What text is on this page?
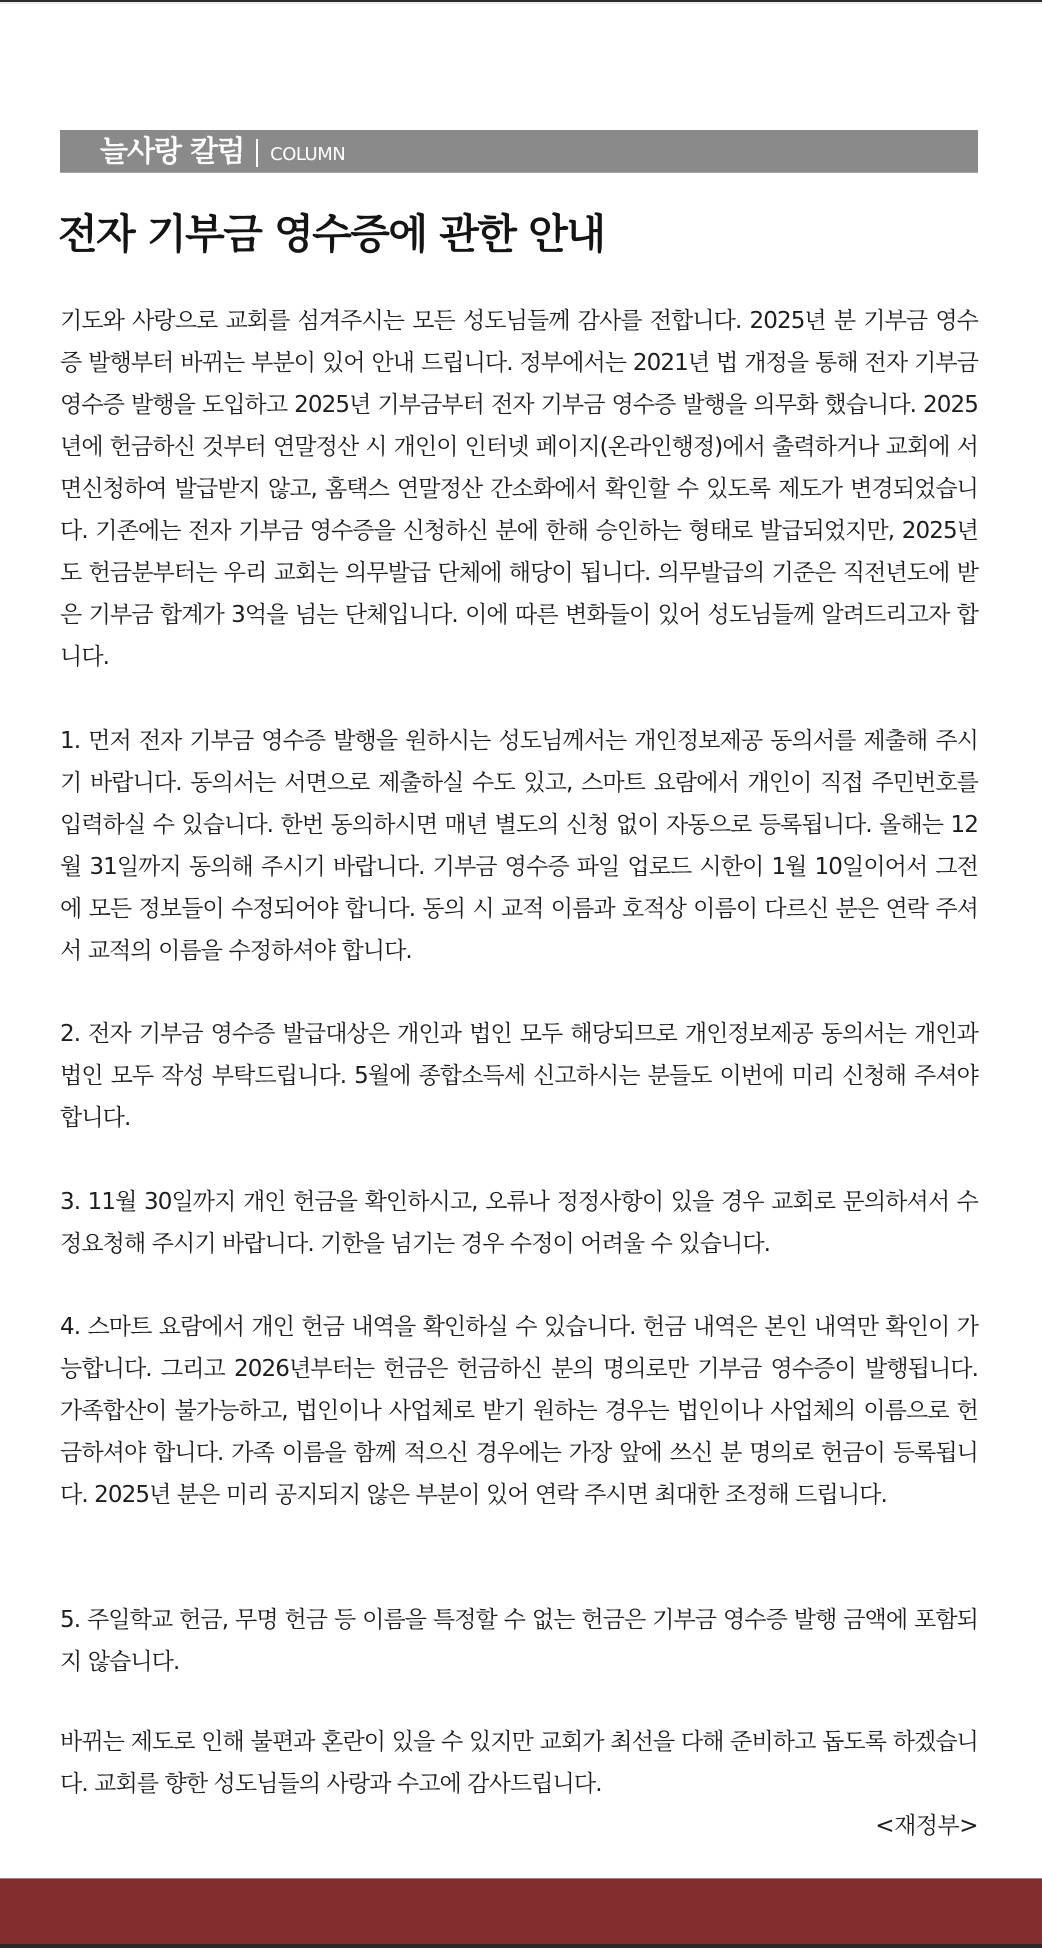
늘사랑 칼럼 COLUMN
전자 기부금 영수증에 관한 안내

기도와 사랑으로 교회를 섬겨주시는 모든 성도님들께 감사를 전합니다. 2025년 분 기부금 영수증 발행부터 바뀌는 부분이 있어 안내 드립니다. 정부에서는 2021년 법 개정을 통해 전자 기부금 영수증 발행을 도입하고 2025년 기부금부터 전자 기부금 영수증 발행을 의무화 했습니다. 2025년에 헌금하신 것부터 연말정산 시 개인이 인터넷 페이지(온라인행정)에서 출력하거나 교회에 서면신청하여 발급받지 않고, 홈택스 연말정산 간소화에서 확인할 수 있도록 제도가 변경되었습니다. 기존에는 전자 기부금 영수증을 신청하신 분에 한해 승인하는 형태로 발급되었지만, 2025년도 헌금분부터는 우리 교회는 의무발급 단체에 해당이 됩니다. 의무발급의 기준은 직전년도에 받은 기부금 합계가 3억을 넘는 단체입니다. 이에 따른 변화들이 있어 성도님들께 알려드리고자 합니다.

1. 먼저 전자 기부금 영수증 발행을 원하시는 성도님께서는 개인정보제공 동의서를 제출해 주시기 바랍니다. 동의서는 서면으로 제출하실 수도 있고, 스마트 요람에서 개인이 직접 주민번호를 입력하실 수 있습니다. 한번 동의하시면 매년 별도의 신청 없이 자동으로 등록됩니다. 올해는 12월 31일까지 동의해 주시기 바랍니다. 기부금 영수증 파일 업로드 시한이 1월 10일이어서 그전에 모든 정보들이 수정되어야 합니다. 동의 시 교적 이름과 호적상 이름이 다르신 분은 연락 주셔서 교적의 이름을 수정하셔야 합니다.

2. 전자 기부금 영수증 발급대상은 개인과 법인 모두 해당되므로 개인정보제공 동의서는 개인과 법인 모두 작성 부탁드립니다. 5월에 종합소득세 신고하시는 분들도 이번에 미리 신청해 주셔야 합니다.

3. 11월 30일까지 개인 헌금을 확인하시고, 오류나 정정사항이 있을 경우 교회로 문의하셔서 수정요청해 주시기 바랍니다. 기한을 넘기는 경우 수정이 어려울 수 있습니다.

4. 스마트 요람에서 개인 헌금 내역을 확인하실 수 있습니다. 헌금 내역은 본인 내역만 확인이 가능합니다. 그리고 2026년부터는 헌금은 헌금하신 분의 명의로만 기부금 영수증이 발행됩니다. 가족합산이 불가능하고, 법인이나 사업체로 받기 원하는 경우는 법인이나 사업체의 이름으로 헌금하셔야 합니다. 가족 이름을 함께 적으신 경우에는 가장 앞에 쓰신 분 명의로 헌금이 등록됩니다. 2025년 분은 미리 공지되지 않은 부분이 있어 연락 주시면 최대한 조정해 드립니다.

5. 주일학교 헌금, 무명 헌금 등 이름을 특정할 수 없는 헌금은 기부금 영수증 발행 금액에 포함되지 않습니다.

바뀌는 제도로 인해 불편과 혼란이 있을 수 있지만 교회가 최선을 다해 준비하고 돕도록 하겠습니다. 교회를 향한 성도님들의 사랑과 수고에 감사드립니다.

<재정부>
